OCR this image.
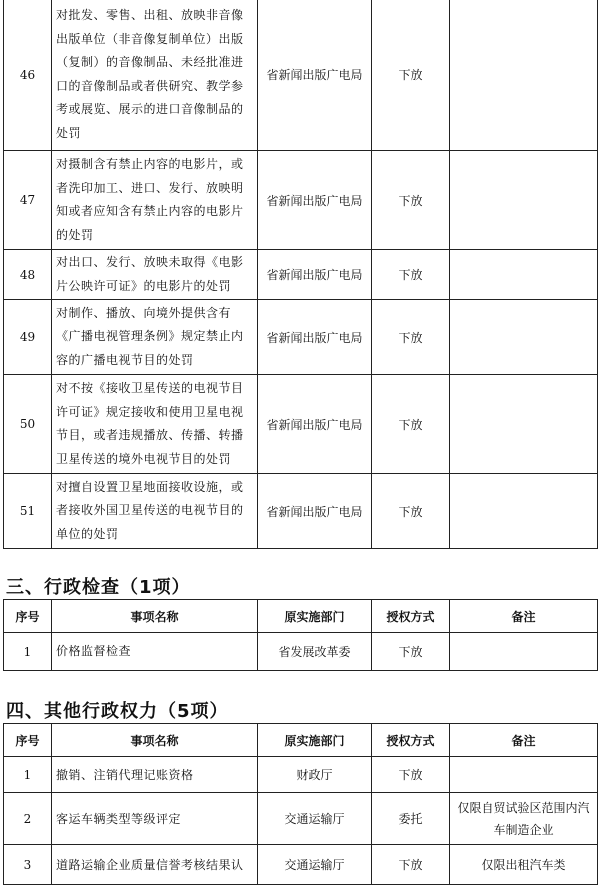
46	对批发、零售、出租、放映非音像出版单位（非音像复制单位）出版（复制）的音像制品、未经批准进口的音像制品或者供研究、教学参考或展览、展示的进口音像制品的处罚	省新闻出版广电局	下放	
47	对摄制含有禁止内容的电影片，或者洗印加工、进口、发行、放映明知或者应知含有禁止内容的电影片的处罚	省新闻出版广电局	下放	
48	对出口、发行、放映未取得《电影片公映许可证》的电影片的处罚	省新闻出版广电局	下放	
49	对制作、播放、向境外提供含有《广播电视管理条例》规定禁止内容的广播电视节目的处罚	省新闻出版广电局	下放	
50	对不按《接收卫星传送的电视节目许可证》规定接收和使用卫星电视节目，或者违规播放、传播、转播卫星传送的境外电视节目的处罚	省新闻出版广电局	下放	
51	对擅自设置卫星地面接收设施，或者接收外国卫星传送的电视节目的单位的处罚	省新闻出版广电局	下放	
三、行政检查（1项）
序号	事项名称	原实施部门	授权方式	备注
1	价格监督检查	省发展改革委	下放	
四、其他行政权力（5项）
序号	事项名称	原实施部门	授权方式	备注
1	撤销、注销代理记账资格	财政厅	下放	
2	客运车辆类型等级评定	交通运输厅	委托	仅限自贸试验区范围内汽车制造企业
3	道路运输企业质量信誉考核结果认	交通运输厅	下放	仅限出租汽车类
